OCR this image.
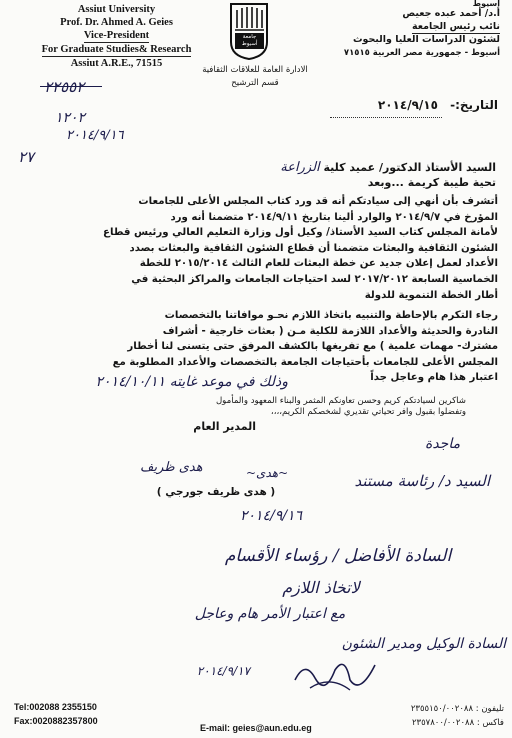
Assiut University
Prof. Dr. Ahmed A. Geies
Vice-President For Graduate Studies& Research
Assiut A.R.E., 71515
جامعة أسيوط
أسيوط
أ.د/ أحمد عبده جعيص
نائب رئيس الجامعة
لشئون الدراسات العليا والبحوث
أسيوط - جمهورية مصر العربية ٧١٥١٥
الادارة العامة للعلاقات الثقافية
قسم الترشيح
٢٢٥٥٢
١٢٠٢
٢٠١٤/٩/١٦
٢٧
التاريخ:- ٢٠١٤/٩/١٥
السيد الأستاذ الدكتور/ عميد كلية الزراعة
تحية طيبة كريمة ...وبعد
أتشرف بأن أنهي إلى سيادتكم أنه قد ورد كتاب المجلس الأعلى للجامعات
المؤرخ في ٢٠١٤/٩/٧ والوارد ألينا بتاريخ ٢٠١٤/٩/١١ متضمنا أنه ورد
لأمانة المجلس كتاب السيد الأستاذ/ وكيل أول وزارة التعليم العالي ورئيس قطاع
الشئون الثقافية والبعثات متضمنا أن قطاع الشئون الثقافية والبعثات بصدد
الأعداد لعمل إعلان جديد عن خطة البعثات للعام الثالث ٢٠١٥/٢٠١٤ للخطة
الخماسية السابعة ٢٠١٧/٢٠١٢ لسد احتياجات الجامعات والمراكز البحثية في
أطار الخطة التنموية للدولة
رجاء التكرم بالإحاطة والتنبيه باتخاذ اللازم نحـو موافاتنا بالتخصصات
النادرة والحديثة والأعداد اللازمة للكلية مـن ( بعثات خارجية - أشراف
مشترك- مهمات علمية ) مع تفريغها بالكشف المرفق حتى يتسنى لنا أخطار
المجلس الأعلى للجامعات بأحتياجات الجامعة بالتخصصات والأعداد المطلوبة مع
اعتبار هذا هام وعاجل جداً
وذلك في موعد غايته ٢٠١٤/١٠/١١
شاكرين لسيادتكم كريم وحسن تعاونكم المثمر والبناء المعهود والمأمول
وتفضلوا بقبول وافر تحياتي تقديري لشخصكم الكريم،،،،
المدير العام
ماجدة
هدى ظريف	~هدى~
( هدى ظريف جورجي )
السيد د/ رئاسة مستند
٢٠١٤/٩/١٦
السادة الأفاضل / رؤساء الأقسام
لاتخاذ اللازم
مع اعتبار الأمر هام وعاجل
السادة الوكيل ومدير الشئون
٢٠١٤/٩/١٧
Tel:002088 2355150
Fax:0020882357800
تليفون : ٢٣٥٥١٥٠/٠٠٢٠٨٨
فاكس : ٢٣٥٧٨٠٠/٠٠٢٠٨٨
E-mail: geies@aun.edu.eg
